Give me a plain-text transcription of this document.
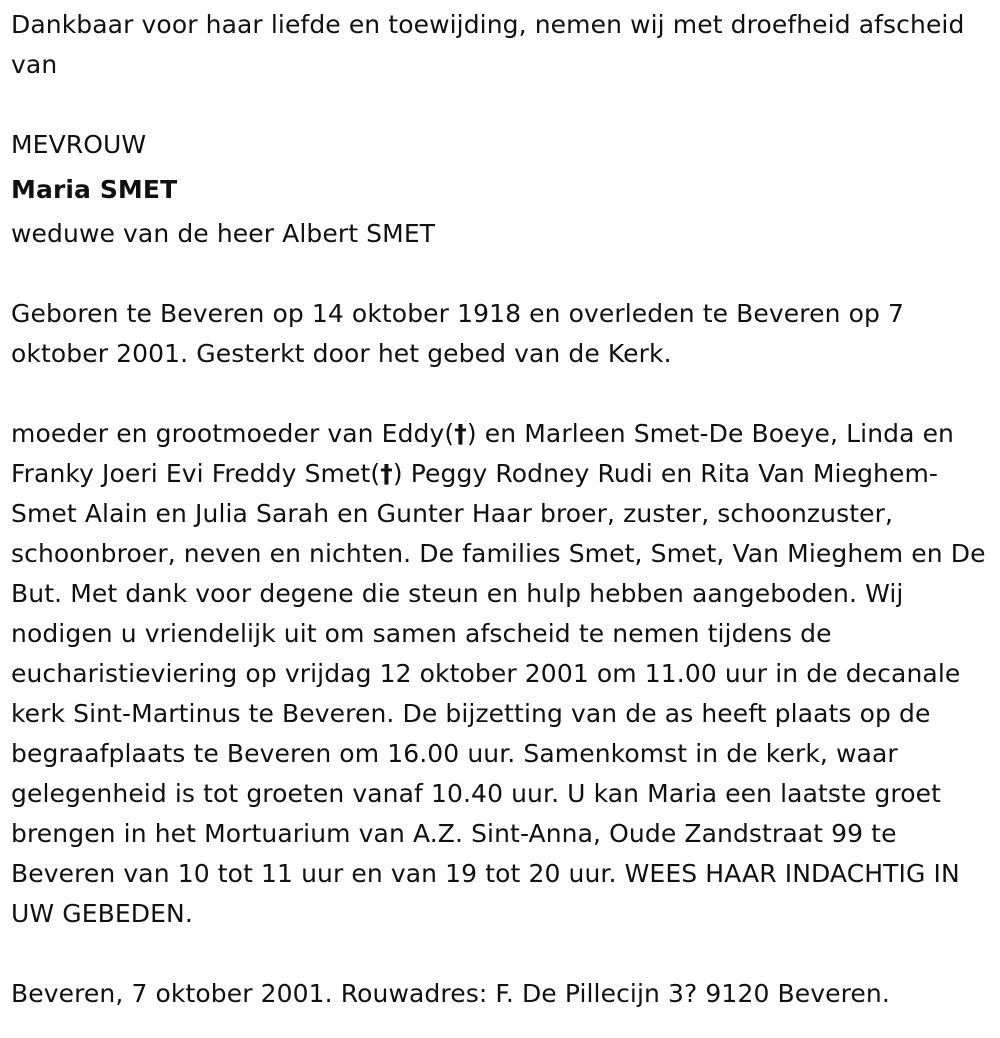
Dankbaar voor haar liefde en toewijding, nemen wij met droefheid afscheid van

MEVROUW

Maria SMET

weduwe van de heer Albert SMET

Geboren te Beveren op 14 oktober 1918 en overleden te Beveren op 7 oktober 2001. Gesterkt door het gebed van de Kerk.

moeder en grootmoeder van Eddy(†) en Marleen Smet-De Boeye, Linda en Franky Joeri Evi Freddy Smet(†) Peggy Rodney Rudi en Rita Van Mieghem-Smet Alain en Julia Sarah en Gunter Haar broer, zuster, schoonzuster, schoonbroer, neven en nichten. De families Smet, Smet, Van Mieghem en De But. Met dank voor degene die steun en hulp hebben aangeboden. Wij nodigen u vriendelijk uit om samen afscheid te nemen tijdens de eucharistieviering op vrijdag 12 oktober 2001 om 11.00 uur in de decanale kerk Sint-Martinus te Beveren. De bijzetting van de as heeft plaats op de begraafplaats te Beveren om 16.00 uur. Samenkomst in de kerk, waar gelegenheid is tot groeten vanaf 10.40 uur. U kan Maria een laatste groet brengen in het Mortuarium van A.Z. Sint-Anna, Oude Zandstraat 99 te Beveren van 10 tot 11 uur en van 19 tot 20 uur. WEES HAAR INDACHTIG IN UW GEBEDEN.

Beveren, 7 oktober 2001. Rouwadres: F. De Pillecijn 3? 9120 Beveren.
